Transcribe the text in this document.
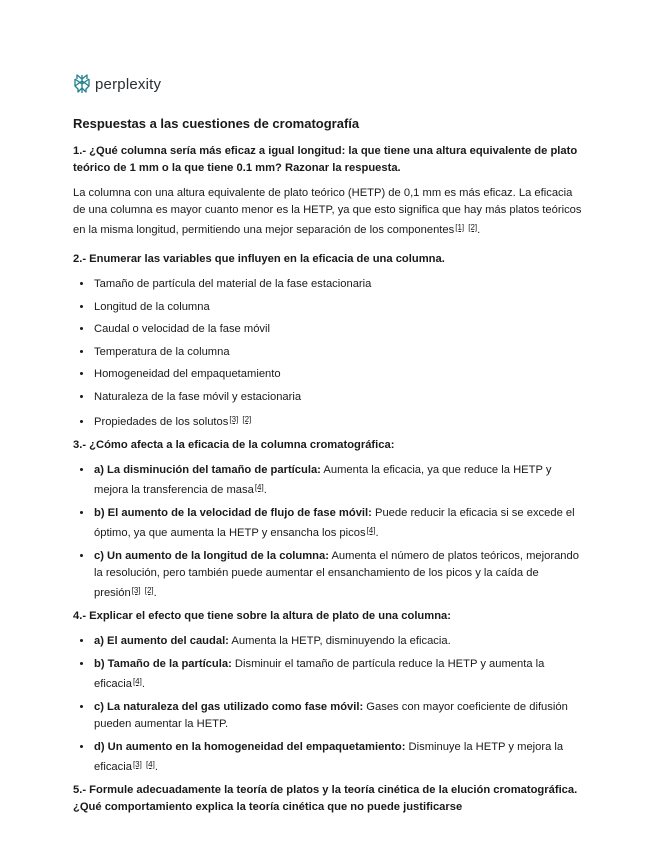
perplexity
Respuestas a las cuestiones de cromatografía
1.- ¿Qué columna sería más eficaz a igual longitud: la que tiene una altura equivalente de plato teórico de 1 mm o la que tiene 0.1 mm? Razonar la respuesta.
La columna con una altura equivalente de plato teórico (HETP) de 0,1 mm es más eficaz. La eficacia de una columna es mayor cuanto menor es la HETP, ya que esto significa que hay más platos teóricos en la misma longitud, permitiendo una mejor separación de los componentes[1] [2].
2.- Enumerar las variables que influyen en la eficacia de una columna.
• Tamaño de partícula del material de la fase estacionaria
• Longitud de la columna
• Caudal o velocidad de la fase móvil
• Temperatura de la columna
• Homogeneidad del empaquetamiento
• Naturaleza de la fase móvil y estacionaria
• Propiedades de los solutos[3] [2]
3.- ¿Cómo afecta a la eficacia de la columna cromatográfica:
• a) La disminución del tamaño de partícula: Aumenta la eficacia, ya que reduce la HETP y mejora la transferencia de masa[4].
• b) El aumento de la velocidad de flujo de fase móvil: Puede reducir la eficacia si se excede el óptimo, ya que aumenta la HETP y ensancha los picos[4].
• c) Un aumento de la longitud de la columna: Aumenta el número de platos teóricos, mejorando la resolución, pero también puede aumentar el ensanchamiento de los picos y la caída de presión[3] [2].
4.- Explicar el efecto que tiene sobre la altura de plato de una columna:
• a) El aumento del caudal: Aumenta la HETP, disminuyendo la eficacia.
• b) Tamaño de la partícula: Disminuir el tamaño de partícula reduce la HETP y aumenta la eficacia[4].
• c) La naturaleza del gas utilizado como fase móvil: Gases con mayor coeficiente de difusión pueden aumentar la HETP.
• d) Un aumento en la homogeneidad del empaquetamiento: Disminuye la HETP y mejora la eficacia[3] [4].
5.- Formule adecuadamente la teoría de platos y la teoría cinética de la elución cromatográfica. ¿Qué comportamiento explica la teoría cinética que no puede justificarse
